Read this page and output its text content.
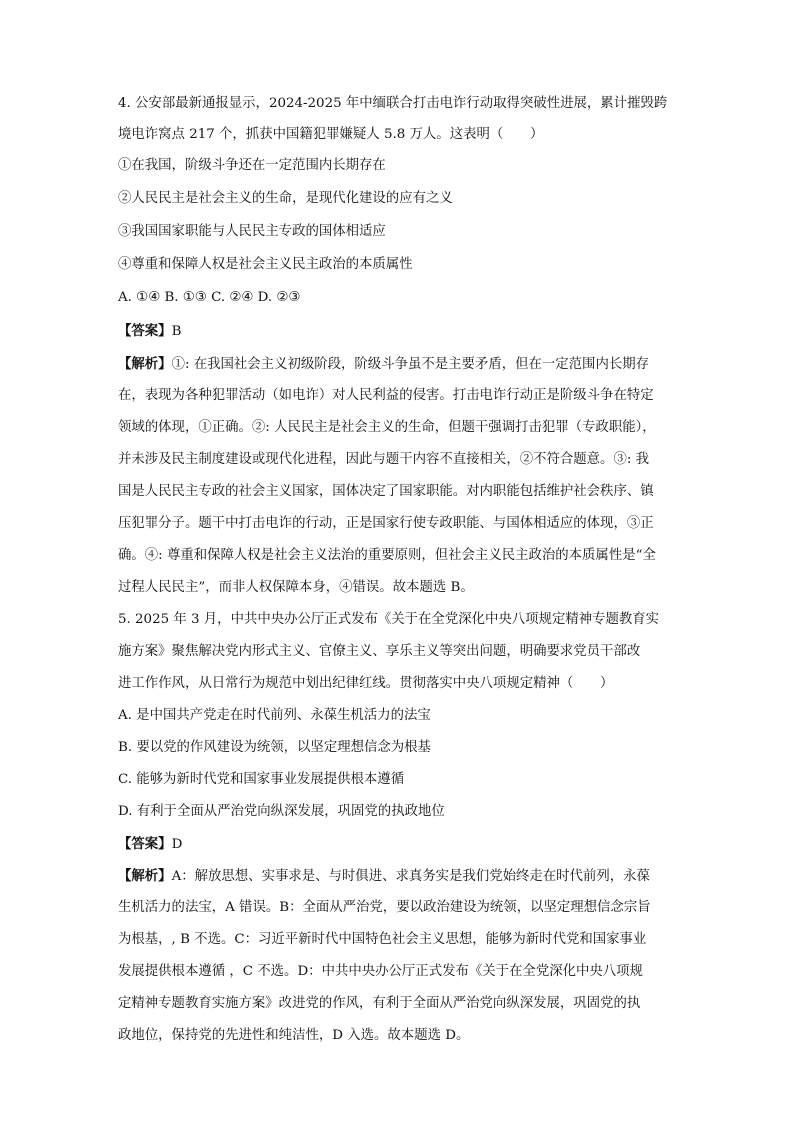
4. 公安部最新通报显示，2024-2025 年中缅联合打击电诈行动取得突破性进展，累计摧毁跨

境电诈窝点 217 个，抓获中国籍犯罪嫌疑人 5.8 万人。这表明（　　）

①在我国，阶级斗争还在一定范围内长期存在

②人民民主是社会主义的生命，是现代化建设的应有之义

③我国国家职能与人民民主专政的国体相适应

④尊重和保障人权是社会主义民主政治的本质属性

A. ①④ B. ①③ C. ②④ D. ②③

【答案】B

【解析】①: 在我国社会主义初级阶段，阶级斗争虽不是主要矛盾，但在一定范围内长期存

在，表现为各种犯罪活动（如电诈）对人民利益的侵害。打击电诈行动正是阶级斗争在特定

领域的体现，①正确。②: 人民民主是社会主义的生命，但题干强调打击犯罪（专政职能），

并未涉及民主制度建设或现代化进程，因此与题干内容不直接相关，②不符合题意。③: 我

国是人民民主专政的社会主义国家，国体决定了国家职能。对内职能包括维护社会秩序、镇

压犯罪分子。题干中打击电诈的行动，正是国家行使专政职能、与国体相适应的体现，③正

确。④: 尊重和保障人权是社会主义法治的重要原则，但社会主义民主政治的本质属性是“全

过程人民民主”，而非人权保障本身，④错误。故本题选 B。

5. 2025 年 3 月，中共中央办公厅正式发布《关于在全党深化中央八项规定精神专题教育实

施方案》聚焦解决党内形式主义、官僚主义、享乐主义等突出问题，明确要求党员干部改

进工作作风，从日常行为规范中划出纪律红线。贯彻落实中央八项规定精神（　　）

A. 是中国共产党走在时代前列、永葆生机活力的法宝

B. 要以党的作风建设为统领，以坚定理想信念为根基

C. 能够为新时代党和国家事业发展提供根本遵循

D. 有利于全面从严治党向纵深发展，巩固党的执政地位

【答案】D

【解析】A：解放思想、实事求是、与时俱进、求真务实是我们党始终走在时代前列，永葆

生机活力的法宝，A 错误。B：全面从严治党，要以政治建设为统领，以坚定理想信念宗旨

为根基，, B 不选。C：习近平新时代中国特色社会主义思想，能够为新时代党和国家事业

发展提供根本遵循 ，C 不选。D：中共中央办公厅正式发布《关于在全党深化中央八项规

定精神专题教育实施方案》改进党的作风，有利于全面从严治党向纵深发展，巩固党的执

政地位，保持党的先进性和纯洁性，D 入选。故本题选 D。
